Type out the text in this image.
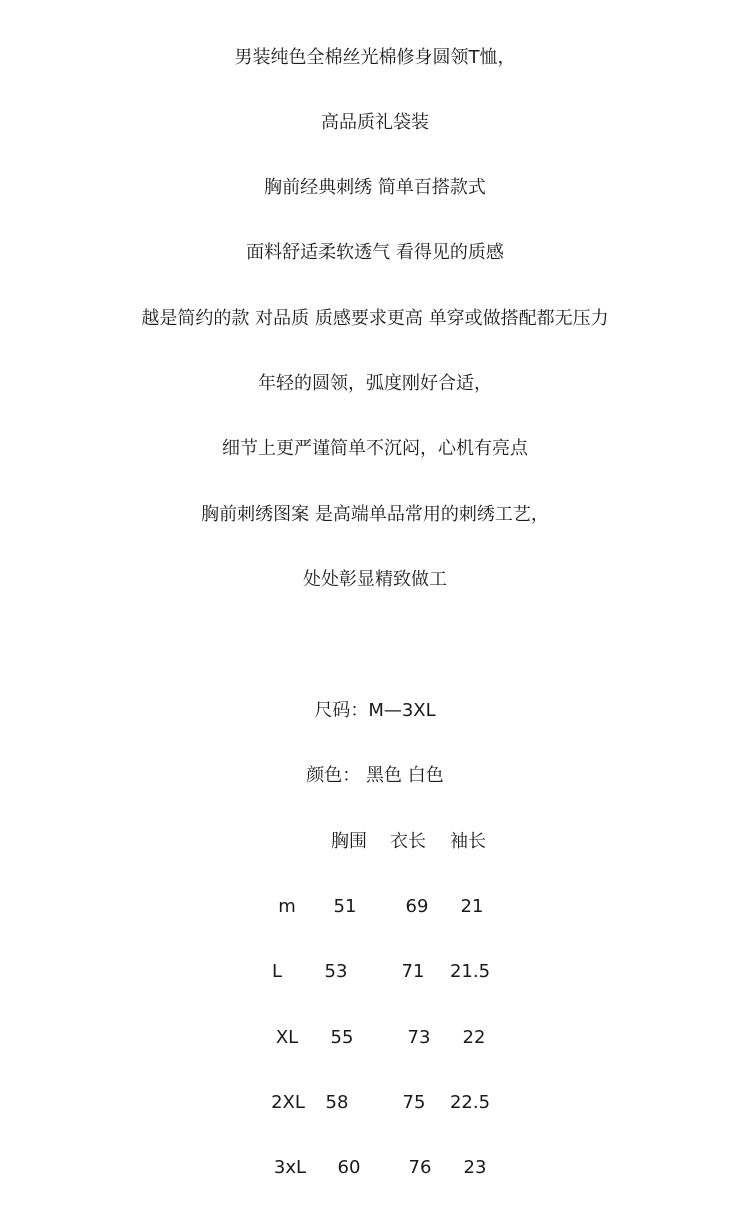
男装纯色全棉丝光棉修身圆领T恤，
高品质礼袋装
胸前经典刺绣 简单百搭款式
面料舒适柔软透气 看得见的质感
越是简约的款 对品质 质感要求更高 单穿或做搭配都无压力
年轻的圆领，弧度刚好合适，
细节上更严谨简单不沉闷，心机有亮点
胸前刺绣图案 是高端单品常用的刺绣工艺，
处处彰显精致做工
尺码：M—3XL
颜色： 黑色 白色
胸围 衣长 袖长
m 51	69 21
L 53	71 21.5
XL 55	73 22
2XL 58	75 22.5
3xL 60	76 23
